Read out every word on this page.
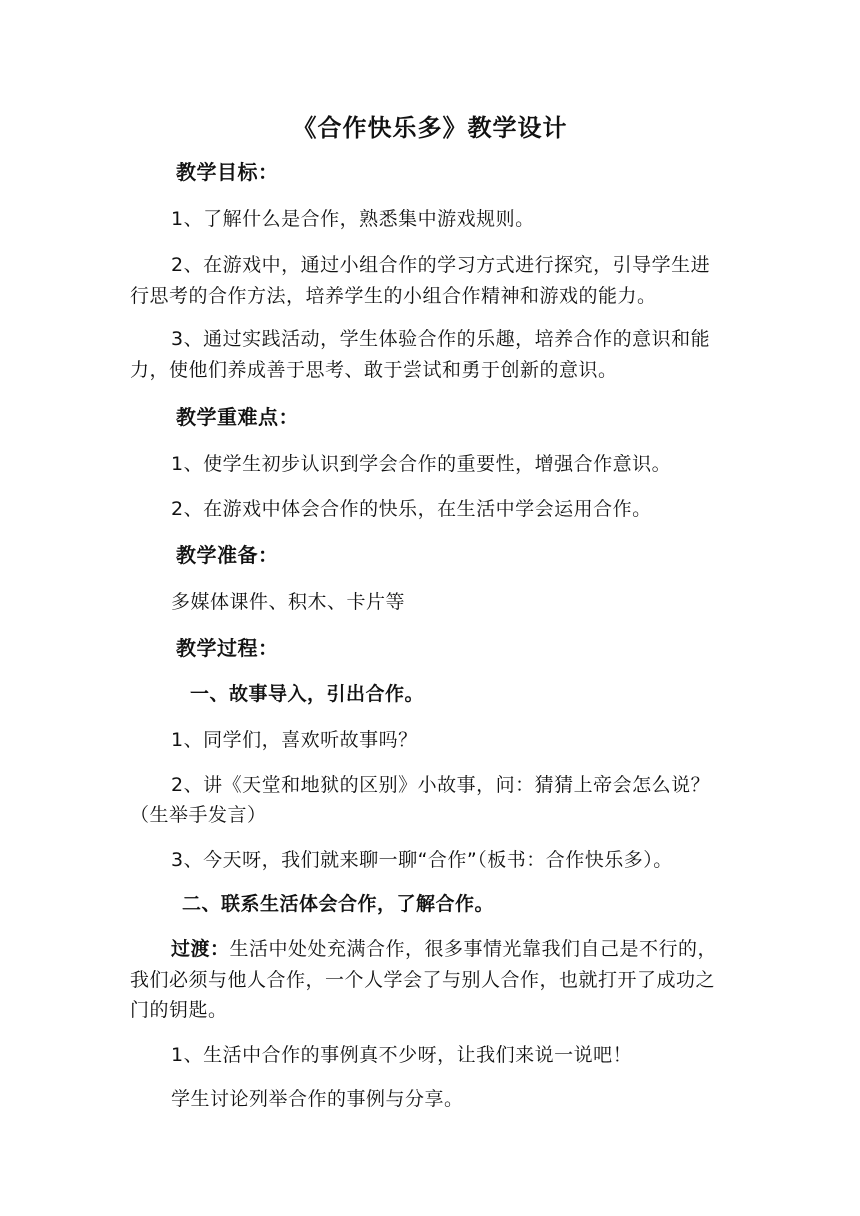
《合作快乐多》教学设计
教学目标：
1、了解什么是合作，熟悉集中游戏规则。
2、在游戏中，通过小组合作的学习方式进行探究，引导学生进
行思考的合作方法，培养学生的小组合作精神和游戏的能力。
3、通过实践活动，学生体验合作的乐趣，培养合作的意识和能
力，使他们养成善于思考、敢于尝试和勇于创新的意识。
教学重难点：
1、使学生初步认识到学会合作的重要性，增强合作意识。
2、在游戏中体会合作的快乐，在生活中学会运用合作。
教学准备：
多媒体课件、积木、卡片等
教学过程：
一、故事导入，引出合作。
1、同学们，喜欢听故事吗？
2、讲《天堂和地狱的区别》小故事，问：猜猜上帝会怎么说？
（生举手发言）
3、今天呀，我们就来聊一聊“合作”（板书：合作快乐多）。
二、联系生活体会合作，了解合作。
过渡：生活中处处充满合作，很多事情光靠我们自己是不行的，
我们必须与他人合作，一个人学会了与别人合作，也就打开了成功之
门的钥匙。
1、生活中合作的事例真不少呀，让我们来说一说吧！
学生讨论列举合作的事例与分享。
